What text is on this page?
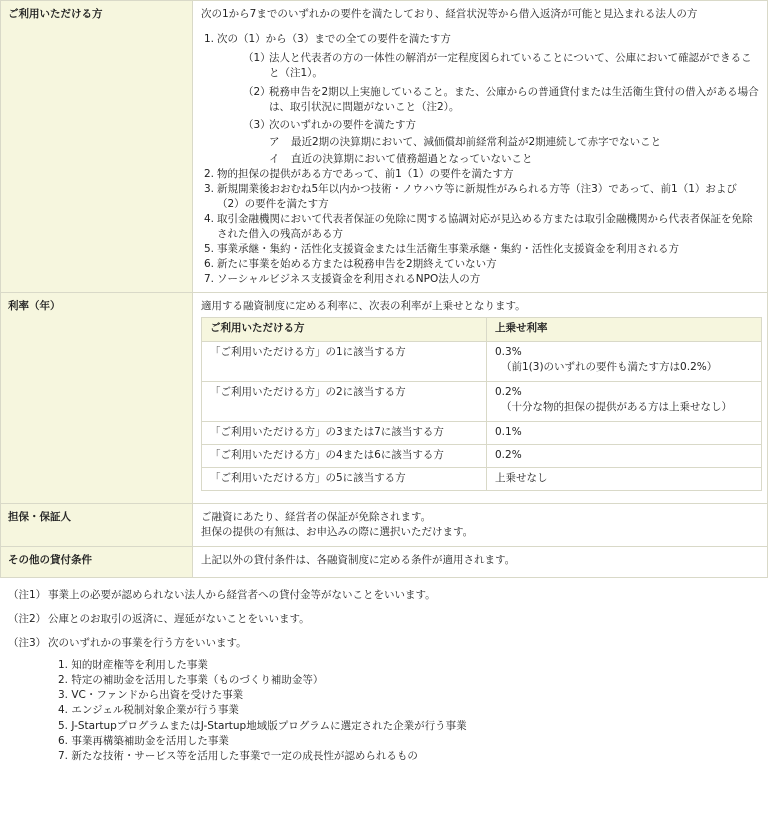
ご利用いただける方	次の1から7までのいずれかの要件を満たしており、経営状況等から借入返済が可能と見込まれる法人の方

1. 次の（1）から（3）までの全ての要件を満たす方
（1）
法人と代表者の方の一体性の解消が一定程度図られていることについて、公庫において確認ができること（注1）。
（2）
税務申告を2期以上実施していること。また、公庫からの普通貸付または生活衛生貸付の借入がある場合は、取引状況に問題がないこと（注2）。
（3）
次のいずれかの要件を満たす方
ア 最近2期の決算期において、減価償却前経常利益が2期連続して赤字でないこと
イ 直近の決算期において債務超過となっていないこと
2. 物的担保の提供がある方であって、前1（1）の要件を満たす方
3. 新規開業後おおむね5年以内かつ技術・ノウハウ等に新規性がみられる方等（注3）であって、前1（1）および（2）の要件を満たす方
4. 取引金融機関において代表者保証の免除に関する協調対応が見込める方または取引金融機関から代表者保証を免除された借入の残高がある方
5. 事業承継・集約・活性化支援資金または生活衛生事業承継・集約・活性化支援資金を利用される方
6. 新たに事業を始める方または税務申告を2期終えていない方
7. ソーシャルビジネス支援資金を利用されるNPO法人の方

利率（年）	適用する融資制度に定める利率に、次表の利率が上乗せとなります。
ご利用いただける方	上乗せ利率
「ご利用いただける方」の1に該当する方	0.3%
（前1(3)のいずれの要件も満たす方は0.2%）

「ご利用いただける方」の2に該当する方	0.2%
（十分な物的担保の提供がある方は上乗せなし）

「ご利用いただける方」の3または7に該当する方	0.1%
「ご利用いただける方」の4または6に該当する方	0.2%
「ご利用いただける方」の5に該当する方	上乗せなし

担保・保証人	ご融資にあたり、経営者の保証が免除されます。
担保の提供の有無は、お申込みの際に選択いただけます。

その他の貸付条件	上記以外の貸付条件は、各融資制度に定める条件が適用されます。
（注1） 事業上の必要が認められない法人から経営者への貸付金等がないことをいいます。
（注2） 公庫とのお取引の返済に、遅延がないことをいいます。
（注3） 次のいずれかの事業を行う方をいいます。
1. 知的財産権等を利用した事業
2. 特定の補助金を活用した事業（ものづくり補助金等）
3. VC・ファンドから出資を受けた事業
4. エンジェル税制対象企業が行う事業
5. J-StartupプログラムまたはJ-Startup地域版プログラムに選定された企業が行う事業
6. 事業再構築補助金を活用した事業
7. 新たな技術・サービス等を活用した事業で一定の成長性が認められるもの
